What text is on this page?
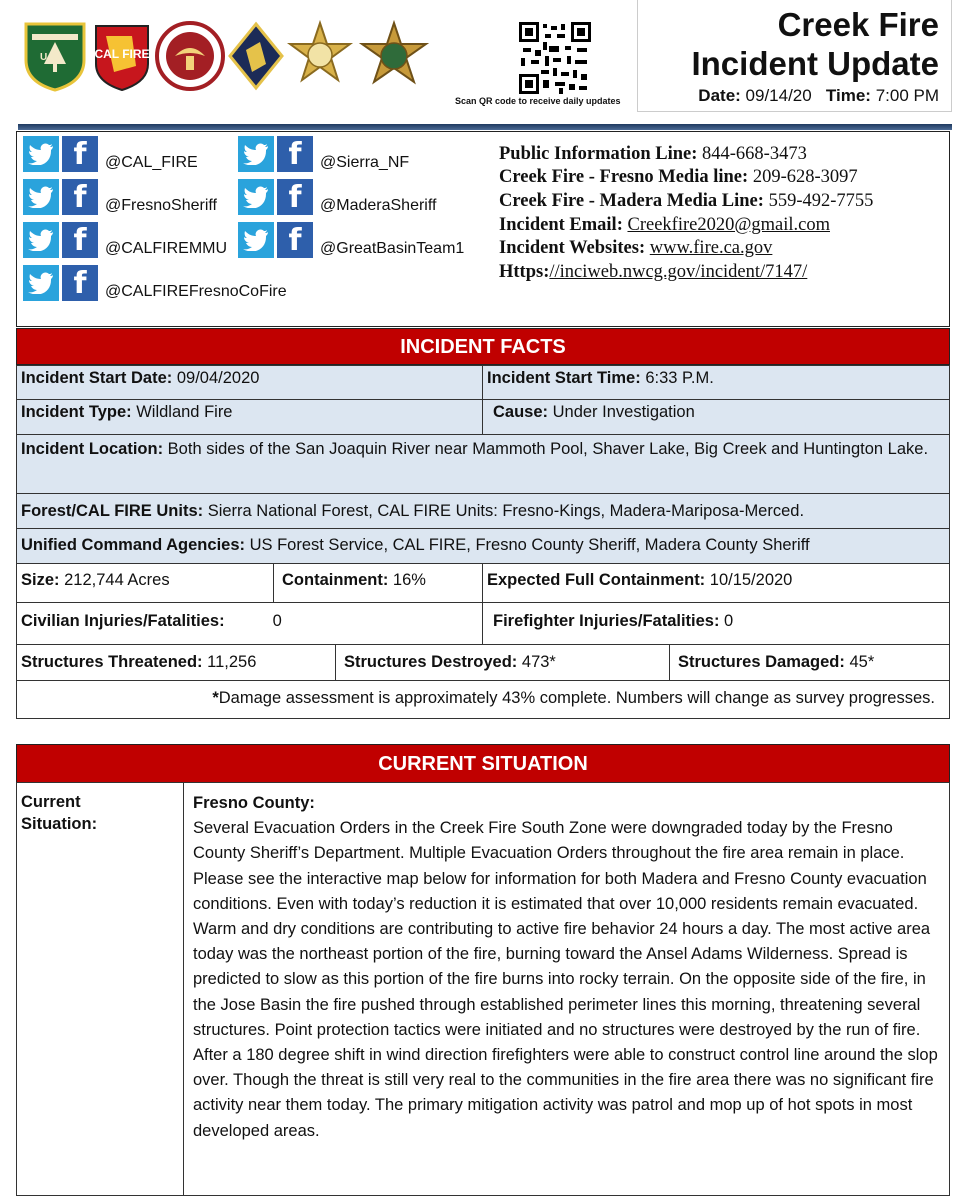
U.S.	CAL FIRE
Scan QR code to receive daily updates
Creek Fire
Incident Update
Date: 09/14/20 Time: 7:00 PM
f	@CAL_FIRE	f	@Sierra_NF
f	@FresnoSheriff	f	@MaderaSheriff
f	@CALFIREMMU	f	@GreatBasinTeam1
f	@CALFIREFresnoCoFire
Public Information Line: 844-668-3473
Creek Fire - Fresno Media line: 209-628-3097
Creek Fire - Madera Media Line: 559-492-7755
Incident Email: Creekfire2020@gmail.com
Incident Websites: www.fire.ca.gov
Https://inciweb.nwcg.gov/incident/7147/
INCIDENT FACTS
Incident Start Date: 09/04/2020	Incident Start Time: 6:33 P.M.
Incident Type: Wildland Fire	Cause: Under Investigation
Incident Location: Both sides of the San Joaquin River near Mammoth Pool, Shaver Lake, Big Creek and Huntington Lake.
Forest/CAL FIRE Units: Sierra National Forest, CAL FIRE Units: Fresno-Kings, Madera-Mariposa-Merced.
Unified Command Agencies: US Forest Service, CAL FIRE, Fresno County Sheriff, Madera County Sheriff
Size: 212,744 Acres	Containment: 16%	Expected Full Containment: 10/15/2020
Civilian Injuries/Fatalities:	0	Firefighter Injuries/Fatalities: 0
Structures Threatened: 11,256	Structures Destroyed: 473*	Structures Damaged: 45*
*Damage assessment is approximately 43% complete. Numbers will change as survey progresses.
CURRENT SITUATION
Current
Situation:

Fresno County:

Several Evacuation Orders in the Creek Fire South Zone were downgraded today by the Fresno County Sheriff’s Department. Multiple Evacuation Orders throughout the fire area remain in place. Please see the interactive map below for information for both Madera and Fresno County evacuation conditions. Even with today’s reduction it is estimated that over 10,000 residents remain evacuated.

Warm and dry conditions are contributing to active fire behavior 24 hours a day. The most active area today was the northeast portion of the fire, burning toward the Ansel Adams Wilderness. Spread is predicted to slow as this portion of the fire burns into rocky terrain. On the opposite side of the fire, in the Jose Basin the fire pushed through established perimeter lines this morning, threatening several structures. Point protection tactics were initiated and no structures were destroyed by the run of fire. After a 180 degree shift in wind direction firefighters were able to construct control line around the slop over. Though the threat is still very real to the communities in the fire area there was no significant fire activity near them today. The primary mitigation activity was patrol and mop up of hot spots in most developed areas.
